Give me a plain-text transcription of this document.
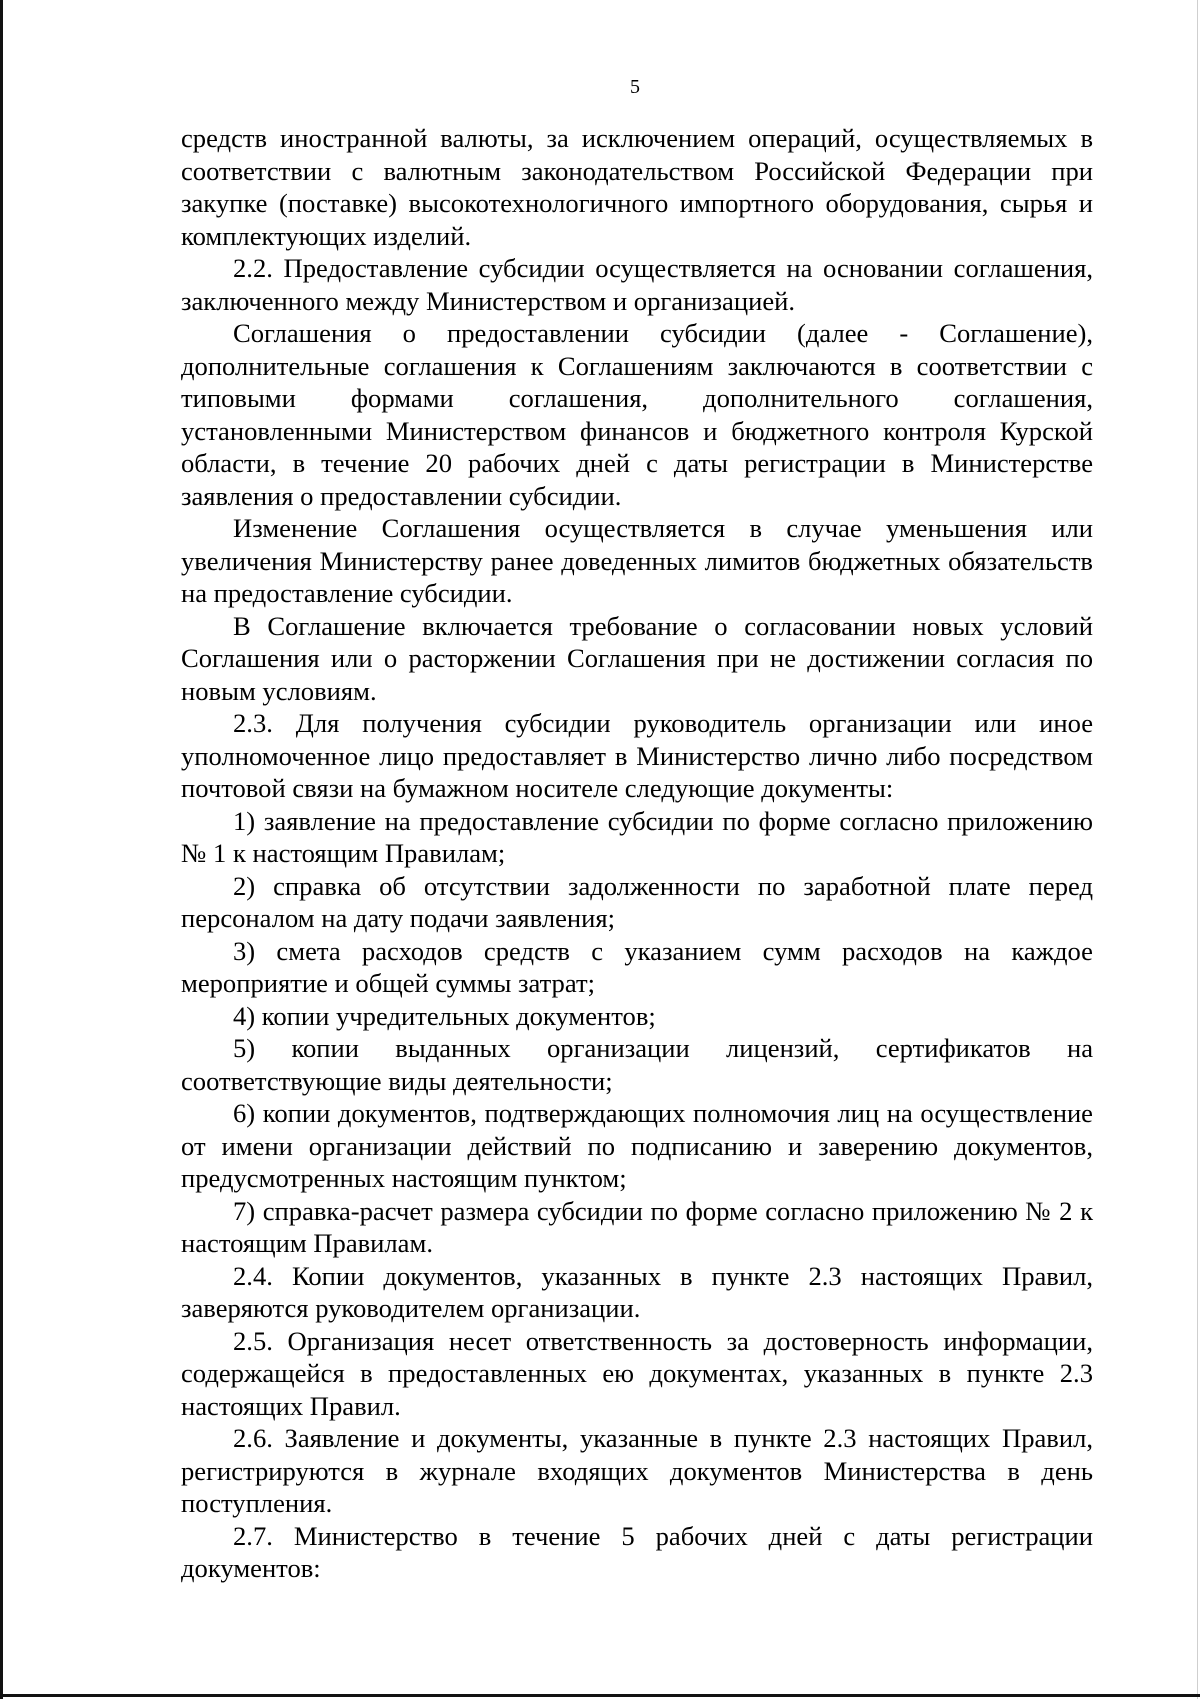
5

средств иностранной валюты, за исключением операций, осуществляемых в соответствии с валютным законодательством Российской Федерации при закупке (поставке) высокотехнологичного импортного оборудования, сырья и комплектующих изделий.

2.2. Предоставление субсидии осуществляется на основании соглашения, заключенного между Министерством и организацией.

Соглашения о предоставлении субсидии (далее - Соглашение), дополнительные соглашения к Соглашениям заключаются в соответствии с типовыми формами соглашения, дополнительного соглашения, установленными Министерством финансов и бюджетного контроля Курской области, в течение 20 рабочих дней с даты регистрации в Министерстве заявления о предоставлении субсидии.

Изменение Соглашения осуществляется в случае уменьшения или увеличения Министерству ранее доведенных лимитов бюджетных обязательств на предоставление субсидии.

В Соглашение включается требование о согласовании новых условий Соглашения или о расторжении Соглашения при не достижении согласия по новым условиям.

2.3. Для получения субсидии руководитель организации или иное уполномоченное лицо предоставляет в Министерство лично либо посредством почтовой связи на бумажном носителе следующие документы:

1) заявление на предоставление субсидии по форме согласно приложению № 1 к настоящим Правилам;

2) справка об отсутствии задолженности по заработной плате перед персоналом на дату подачи заявления;

3) смета расходов средств с указанием сумм расходов на каждое мероприятие и общей суммы затрат;

4) копии учредительных документов;

5) копии выданных организации лицензий, сертификатов на соответствующие виды деятельности;

6) копии документов, подтверждающих полномочия лиц на осуществление от имени организации действий по подписанию и заверению документов, предусмотренных настоящим пунктом;

7) справка-расчет размера субсидии по форме согласно приложению № 2 к настоящим Правилам.

2.4. Копии документов, указанных в пункте 2.3 настоящих Правил, заверяются руководителем организации.

2.5. Организация несет ответственность за достоверность информации, содержащейся в предоставленных ею документах, указанных в пункте 2.3 настоящих Правил.

2.6. Заявление и документы, указанные в пункте 2.3 настоящих Правил, регистрируются в журнале входящих документов Министерства в день поступления.

2.7. Министерство в течение 5 рабочих дней с даты регистрации документов:
